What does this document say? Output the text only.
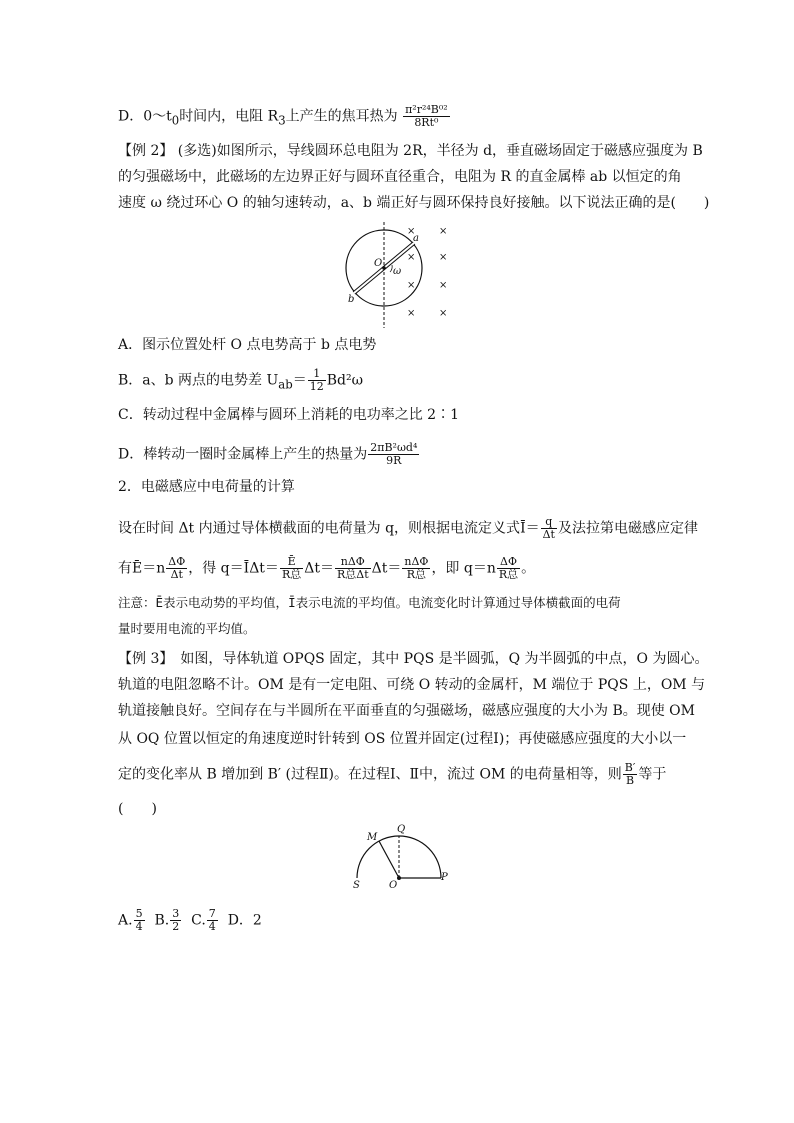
D．$0\sim t_0$时间内，电阻 $R_3$上产生的焦耳热为 $\frac{\text{π²r²⁴B⁰²}}{\text{8Rt⁰}}$
【例 2】 (多选)如图所示，导线圆环总电阻为 2R，半径为 d，垂直磁场固定于磁感应强度为 B
的匀强磁场中，此磁场的左边界正好与圆环直径重合，电阻为 R 的直金属棒 ab 以恒定的角
速度 ω 绕过环心 O 的轴匀速转动，a、b 端正好与圆环保持良好接触。以下说法正确的是(　　)
O
ω
a
b
× ×
× ×
× ×
× ×
A．图示位置处杆 O 点电势高于 b 点电势
B．a、b 两点的电势差 $U_{ab}= \frac{1}{12} Bd^2\omega$
C．转动过程中金属棒与圆环上消耗的电功率之比 2∶1
D．棒转动一圈时金属棒上产生的热量为 $\frac{\text{2πB²ωd⁴}}{9R}$
2．电磁感应中电荷量的计算
设在时间 Δt 内通过导体横截面的电荷量为 q，则根据电流定义式Ī＝ $\frac{q}{\Delta t}$ 及法拉第电磁感应定律
有Ē＝n $\frac{\Delta\Phi}{\Delta t}$ ，得 q＝ĪΔt＝ $\frac{Ē}{\text{R总}} \Delta t= \frac{\text{nΔΦ}}{\text{R总Δt}} \Delta t= \frac{\text{nΔΦ}}{\text{R总}}$ ，即 $q=n \frac{\Delta\Phi}{\text{R总}}$ 。
注意：Ē表示电动势的平均值，Ī表示电流的平均值。电流变化时计算通过导体横截面的电荷
量时要用电流的平均值。
【例 3】　如图，导体轨道 OPQS 固定，其中 PQS 是半圆弧，Q 为半圆弧的中点，O 为圆心。
轨道的电阻忽略不计。OM 是有一定电阻、可绕 O 转动的金属杆，M 端位于 PQS 上，OM 与
轨道接触良好。空间存在与半圆所在平面垂直的匀强磁场，磁感应强度的大小为 B。现使 OM
从 OQ 位置以恒定的角速度逆时针转到 OS 位置并固定(过程Ⅰ)；再使磁感应强度的大小以一
定的变化率从 B 增加到 B′ (过程Ⅱ)。在过程Ⅰ、Ⅱ中，流过 OM 的电荷量相等，则 $\frac{B'}{B}$ 等于
(　　)
M
Q
S	O
P
A. $\frac{5}{4} B$. $\frac{3}{2} C$. $\frac{7}{4}$ D．2
